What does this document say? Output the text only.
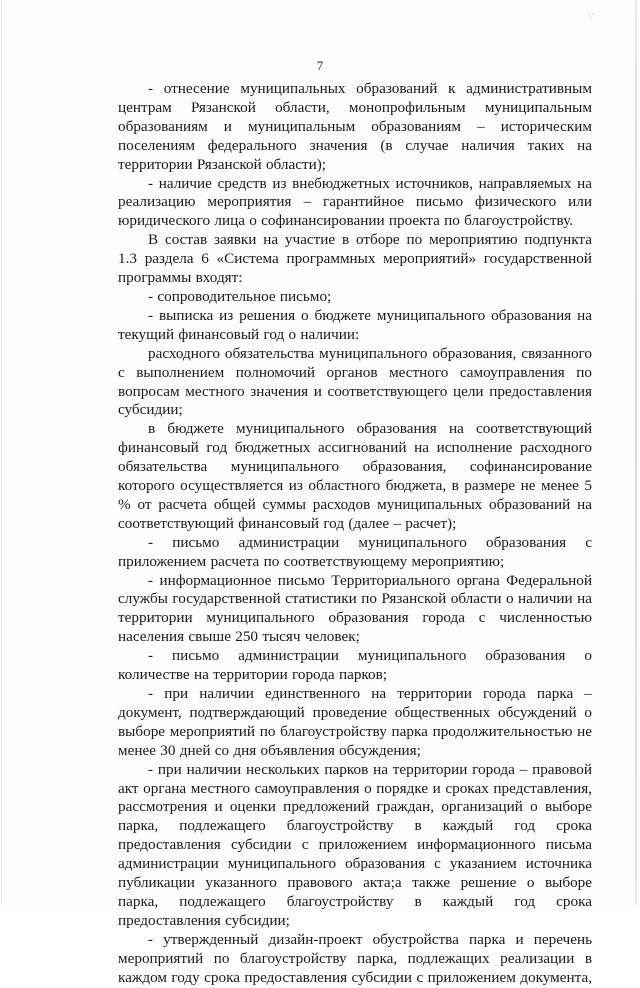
∵
7

- отнесение муниципальных образований к административным центрам Рязанской области, монопрофильным муниципальным образованиям и муниципальным образованиям – историческим поселениям федерального значения (в случае наличия таких на территории Рязанской области);

- наличие средств из внебюджетных источников, направляемых на реализацию мероприятия – гарантийное письмо физического или юридического лица о софинансировании проекта по благоустройству.

В состав заявки на участие в отборе по мероприятию подпункта 1.3 раздела 6 «Система программных мероприятий» государственной программы входят:

- сопроводительное письмо;

- выписка из решения о бюджете муниципального образования на текущий финансовый год о наличии:

расходного обязательства муниципального образования, связанного с выполнением полномочий органов местного самоуправления по вопросам местного значения и соответствующего цели предоставления субсидии;

в бюджете муниципального образования на соответствующий финансовый год бюджетных ассигнований на исполнение расходного обязательства муниципального образования, софинансирование которого осуществляется из областного бюджета, в размере не менее 5 % от расчета общей суммы расходов муниципальных образований на соответствующий финансовый год (далее – расчет);

- письмо администрации муниципального образования с приложением расчета по соответствующему мероприятию;

- информационное письмо Территориального органа Федеральной службы государственной статистики по Рязанской области о наличии на территории муниципального образования города с численностью населения свыше 250 тысяч человек;

- письмо администрации муниципального образования о количестве на территории города парков;

- при наличии единственного на территории города парка – документ, подтверждающий проведение общественных обсуждений о выборе мероприятий по благоустройству парка продолжительностью не менее 30 дней со дня объявления обсуждения;

- при наличии нескольких парков на территории города – правовой акт органа местного самоуправления о порядке и сроках представления, рассмотрения и оценки предложений граждан, организаций о выборе парка, подлежащего благоустройству в каждый год срока предоставления субсидии с приложением информационного письма администрации муниципального образования с указанием источника публикации указанного правового акта;а также решение о выборе парка, подлежащего благоустройству в каждый год срока предоставления субсидии;

- утвержденный дизайн-проект обустройства парка и перечень мероприятий по благоустройству парка, подлежащих реализации в каждом году срока предоставления субсидии с приложением документа,
